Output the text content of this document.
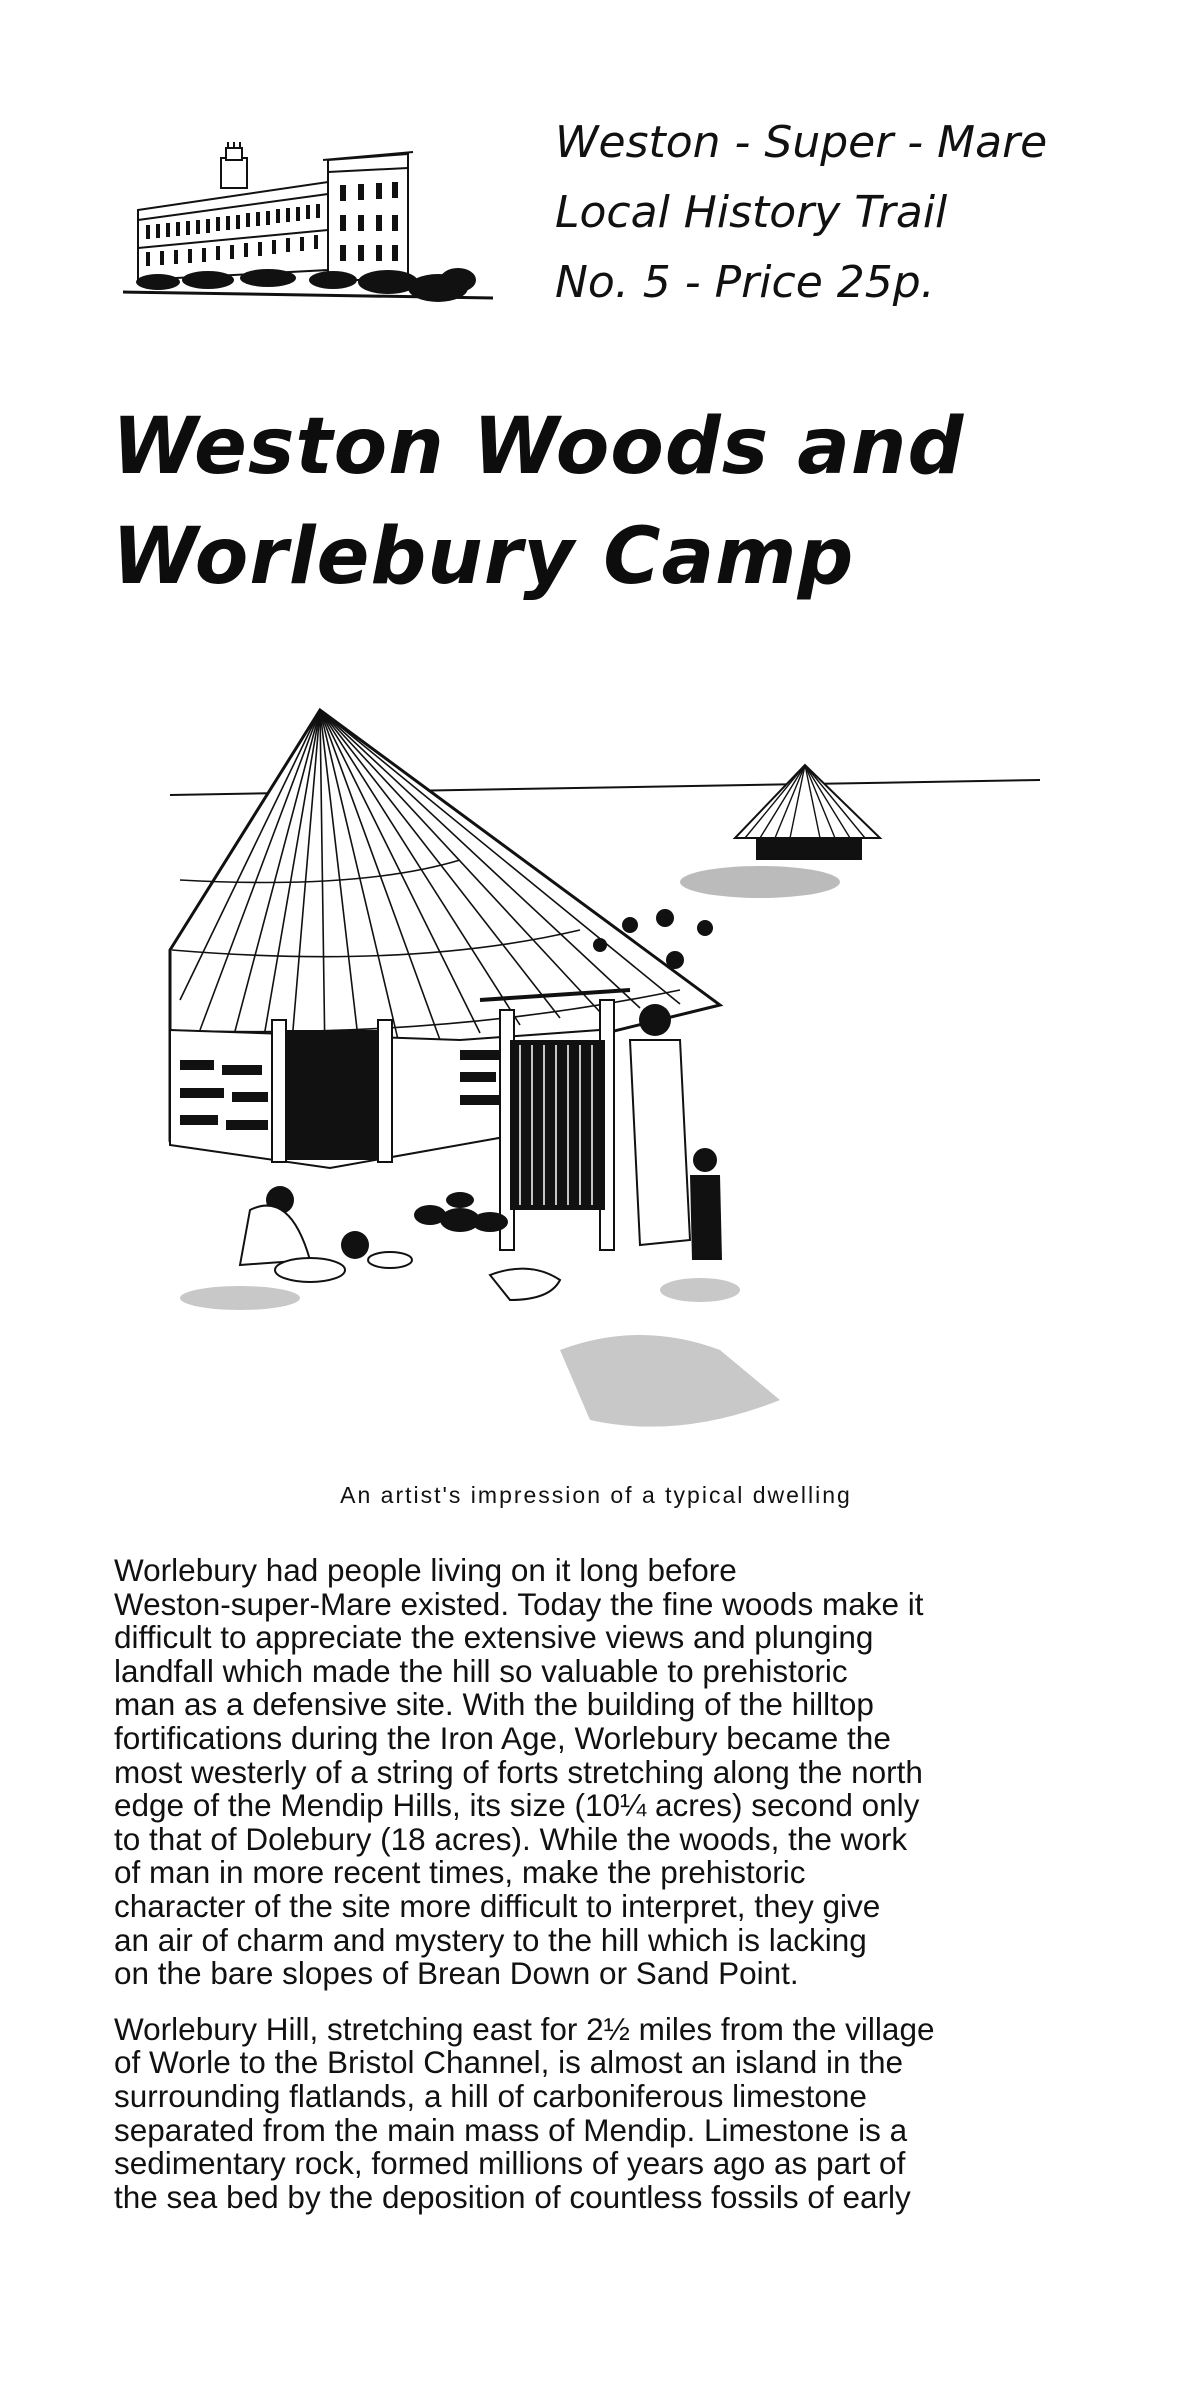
Weston - Super - Mare
Local History Trail
No. 5 - Price 25p.
Weston Woods and
Worlebury Camp
An artist's impression of a typical dwelling

Worlebury had people living on it long before
Weston-super-Mare existed. Today the fine woods make it
difficult to appreciate the extensive views and plunging
landfall which made the hill so valuable to prehistoric
man as a defensive site. With the building of the hilltop
fortifications during the Iron Age, Worlebury became the
most westerly of a string of forts stretching along the north
edge of the Mendip Hills, its size (10¼ acres) second only
to that of Dolebury (18 acres). While the woods, the work
of man in more recent times, make the prehistoric
character of the site more difficult to interpret, they give
an air of charm and mystery to the hill which is lacking
on the bare slopes of Brean Down or Sand Point.

Worlebury Hill, stretching east for 2½ miles from the village
of Worle to the Bristol Channel, is almost an island in the
surrounding flatlands, a hill of carboniferous limestone
separated from the main mass of Mendip. Limestone is a
sedimentary rock, formed millions of years ago as part of
the sea bed by the deposition of countless fossils of early
